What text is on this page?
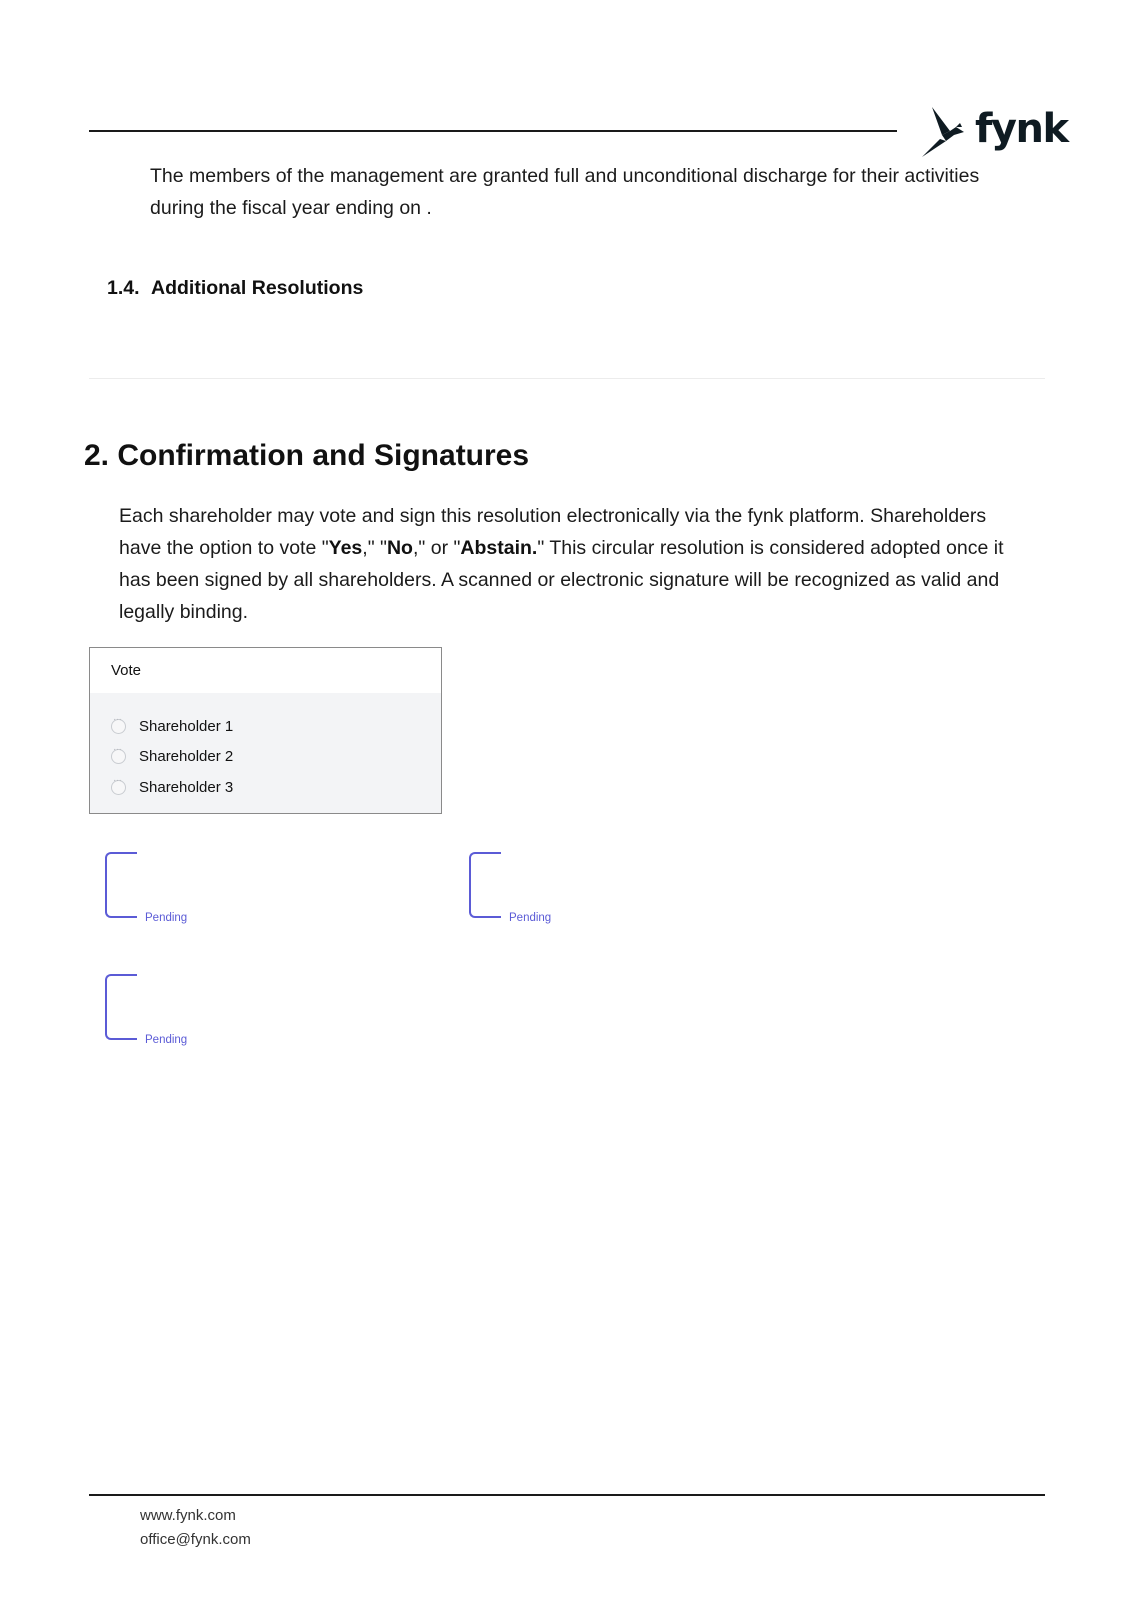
fynk
The members of the management are granted full and unconditional discharge for their activities during the fiscal year ending on .
1.4. Additional Resolutions
2. Confirmation and Signatures
Each shareholder may vote and sign this resolution electronically via the fynk platform. Shareholders have the option to vote "Yes," "No," or "Abstain." This circular resolution is considered adopted once it has been signed by all shareholders. A scanned or electronic signature will be recognized as valid and legally binding.
Vote
···
Shareholder 1
···
Shareholder 2
···
Shareholder 3
Pending	Pending
Pending
www.fynk.com
office@fynk.com
